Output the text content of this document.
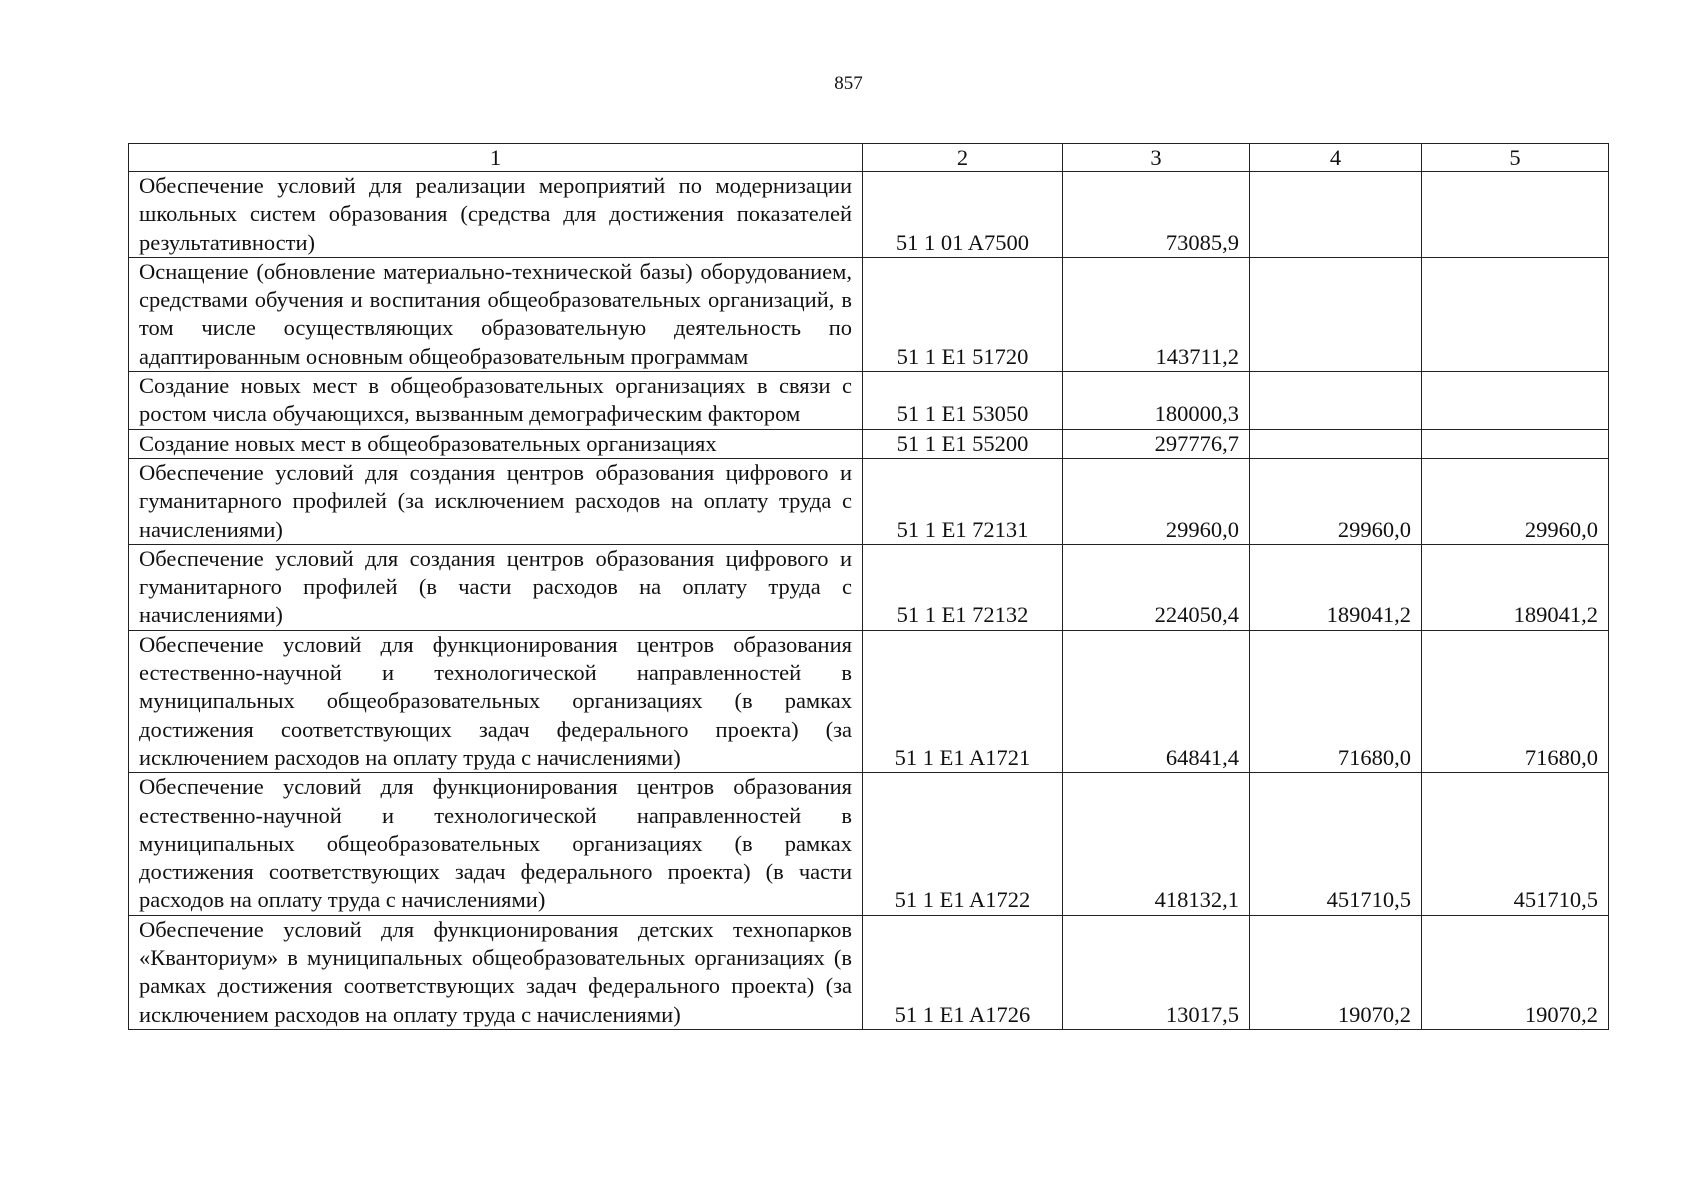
857
1	2	3	4	5
Обеспечение условий для реализации мероприятий по модернизации школьных систем образования (средства для достижения показателей результативности)	51 1 01 A7500	73085,9		
Оснащение (обновление материально-технической базы) оборудованием, средствами обучения и воспитания общеобразовательных организаций, в том числе осуществляющих образовательную деятельность по адаптированным основным общеобразовательным программам	51 1 E1 51720	143711,2		
Создание новых мест в общеобразовательных организациях в связи с ростом числа обучающихся, вызванным демографическим фактором	51 1 E1 53050	180000,3		
Создание новых мест в общеобразовательных организациях	51 1 E1 55200	297776,7		
Обеспечение условий для создания центров образования цифрового и гуманитарного профилей (за исключением расходов на оплату труда с начислениями)	51 1 E1 72131	29960,0	29960,0	29960,0
Обеспечение условий для создания центров образования цифрового и гуманитарного профилей (в части расходов на оплату труда с начислениями)	51 1 E1 72132	224050,4	189041,2	189041,2
Обеспечение условий для функционирования центров образования естественно-научной и технологической направленностей в муниципальных общеобразовательных организациях (в рамках достижения соответствующих задач федерального проекта) (за исключением расходов на оплату труда с начислениями)	51 1 E1 A1721	64841,4	71680,0	71680,0
Обеспечение условий для функционирования центров образования естественно-научной и технологической направленностей в муниципальных общеобразовательных организациях (в рамках достижения соответствующих задач федерального проекта) (в части расходов на оплату труда с начислениями)	51 1 E1 A1722	418132,1	451710,5	451710,5
Обеспечение условий для функционирования детских технопарков «Кванториум» в муниципальных общеобразовательных организациях (в рамках достижения соответствующих задач федерального проекта) (за исключением расходов на оплату труда с начислениями)	51 1 E1 A1726	13017,5	19070,2	19070,2
